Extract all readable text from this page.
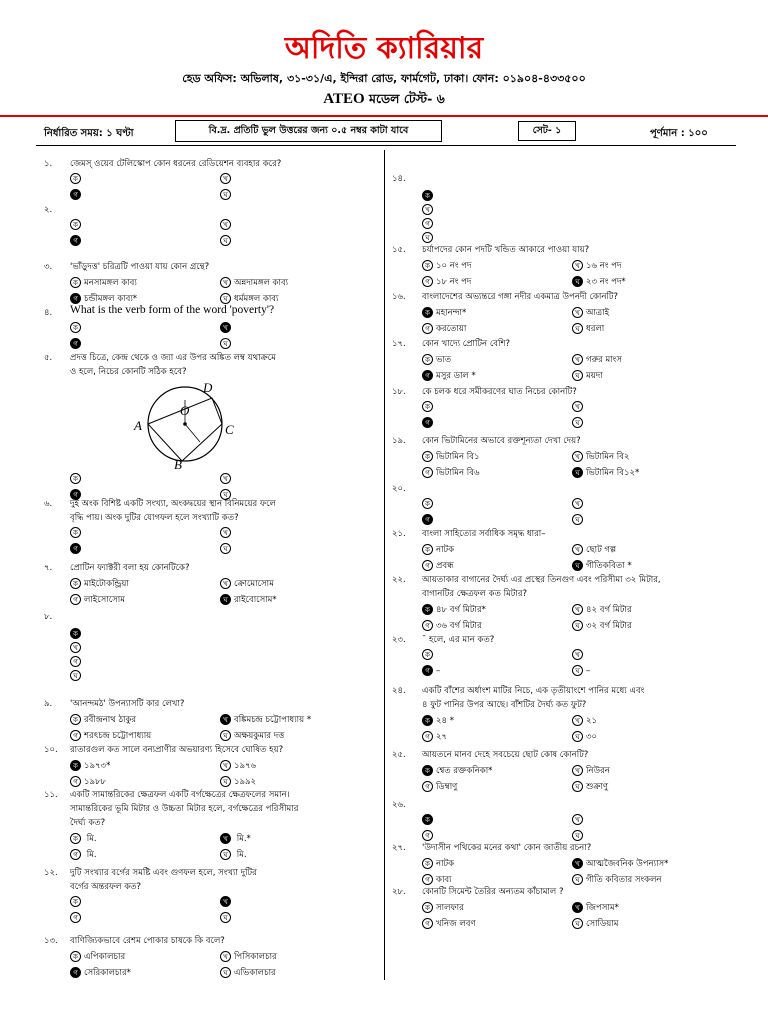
অদিতি ক্যারিয়ার
হেড অফিস: অভিলাষ, ৩১-৩১/এ, ইন্দিরা রোড, ফার্মগেট, ঢাকা। ফোন: ০১৯০৪-৪৩৩৫০০
ATEO মডেল টেস্ট- ৬
নির্ধারিত সময়: ১ ঘণ্টা	বি.দ্র. প্রতিটি ভুল উত্তরের জন্য ০.৫ নম্বর কাটা যাবে	সেট- ১	পূর্ণমান : ১০০
D
O
A	C
B
১. জেমস্ ওয়েব টেলিস্কোপ কোন ধরনের রেডিয়েশন ব্যবহার করে?
ক	খ
গ	ঘ
২.
ক	খ
গ	ঘ
৩. 'ভাঁড়ুদত্ত' চরিত্রটি পাওয়া যায় কোন গ্রন্থে?
ক মনসামঙ্গল কাব্য	খ অন্নদামঙ্গল কাব্য
গ চন্ডীমঙ্গল কাব্য*	ঘ ধর্মমঙ্গল কাব্য
৪. What is the verb form of the word 'poverty'?
ক	খ
গ	ঘ
৫. প্রদত্ত চিত্রে, কেন্দ্র থেকে ও জ্যা এর উপর অঙ্কিত লম্ব যথাক্রমে
ও হলে, নিচের কোনটি সঠিক হবে?
ক	খ
গ	ঘ
৬. দুই অংক বিশিষ্ট একটি সংখ্যা, অংকদ্বয়ের স্থান বিনিময়ের ফলে
বৃদ্ধি পায়। অংক দুটির যোগফল হলে সংখ্যাটি কত?
ক	খ
গ	ঘ
৭. প্রোটিন ফ্যাক্টরী বলা হয় কোনটিকে?
ক মাইটোকন্ড্রিয়া	খ ক্রোমোসোম
গ লাইসোসোম	ঘ রাইবোসোম*
৮.
ক
খ
গ
ঘ
৯. 'আনন্দমঠ' উপন্যাসটি কার লেখা?
ক রবীন্দ্রনাথ ঠাকুর	খ বঙ্কিমচন্দ্র চট্টোপাধ্যায় *
গ শরৎচন্দ্র চট্টোপাধ্যায়	ঘ অক্ষয়কুমার দত্ত
১০. রাতারগুল কত সালে বন্যপ্রাণীর অভয়ারণ্য হিসেবে ঘোষিত হয়?
ক ১৯৭৩*	খ ১৯৭৬
গ ১৯৮৮	ঘ ১৯৯২
১১. একটি সামান্তরিকের ক্ষেত্রফল একটি বর্গক্ষেত্রের ক্ষেত্রফলের সমান।
সামান্তরিকের ভূমি মিটার ও উচ্চতা মিটার হলে, বর্গক্ষেত্রের পরিসীমার
দৈর্ঘ্য কত?
ক মি.	খ মি.*
গ মি.	ঘ মি.
১২. দুটি সংখ্যার বর্গের সমষ্টি এবং গুণফল হলে, সংখ্যা দুটির
বর্গের অন্তরফল কত?
ক	খ
গ	ঘ
১৩. বাণিজ্যিকভাবে রেশম পোকার চাষকে কি বলে?
ক এপিকালচার	খ পিসিকালচার
গ সেরিকালচার*	ঘ এভিকালচার
১৪.
ক
খ
গ
ঘ
১৫. চর্যাপদের কোন পদটি খন্ডিত আকারে পাওয়া যায়?
ক ১০ নং পদ	খ ১৬ নং পদ
গ ১৮ নং পদ	ঘ ২৩ নং পদ*
১৬. বাংলাদেশের অভ্যন্তরে গঙ্গা নদীর একমাত্র উপনদী কোনটি?
ক মহানন্দা*	খ আত্রাই
গ করতোয়া	ঘ ধরলা
১৭. কোন খাদ্যে প্রোটিন বেশি?
ক ভাত	খ গরুর মাংস
গ মসুর ডাল *	ঘ ময়দা
১৮. কে চলক ধরে সমীকরণের ঘাত নিচের কোনটি?
ক	খ
গ	ঘ
১৯. কোন ভিটামিনের অভাবে রক্তশূন্যতা দেখা দেয়?
ক ভিটামিন বি১	খ ভিটামিন বি২
গ ভিটামিন বি৬	ঘ ভিটামিন বি১২*
২০.
ক	খ
গ	ঘ
২১. বাংলা সাহিত্যের সর্বাধিক সমৃদ্ধ ধারা–
ক নাটক	খ ছোট গল্প
গ প্রবন্ধ	ঘ গীতিকবিতা *
২২. আয়তাকার বাগানের দৈর্ঘ্য এর প্রস্থের তিনগুণ এবং পরিসীমা ৩২ মিটার,
বাগানটির ক্ষেত্রফল কত মিটার?
ক ৪৮ বর্গ মিটার*	খ ৪২ বর্গ মিটার
গ ৩৬ বর্গ মিটার	ঘ ৩২ বর্গ মিটার
২৩. ¯ হলে, এর মান কত?
ক	খ
গ –	ঘ –
২৪. একটি বাঁশের অর্ধাংশ মাটির নিচে, এক তৃতীয়াংশে পানির মধ্যে এবং
৪ ফুট পানির উপর আছে। বাঁশটির দৈর্ঘ্য কত ফুট?
ক ২৪ *	খ ২১
গ ২৭	ঘ ৩০
২৫. আয়তনে মানব দেহে সবচেয়ে ছোট কোষ কোনটি?
ক শ্বেত রক্তকনিকা*	খ নিউরন
গ ডিম্বাণু	ঘ শুক্রাণু
২৬.
ক	খ
গ	ঘ
২৭. 'উদাসীন পথিকের মনের কথা' কোন জাতীয় রচনা?
ক নাটক	খ আত্মজৈবনিক উপন্যাস*
গ কাব্য	ঘ গীতি কবিতার সংকলন
২৮. কোনটি সিমেন্ট তৈরির অন্যতম কাঁচামাল ?
ক সালফার	খ জিপসাম*
গ খনিজ লবণ	ঘ সোডিয়াম
